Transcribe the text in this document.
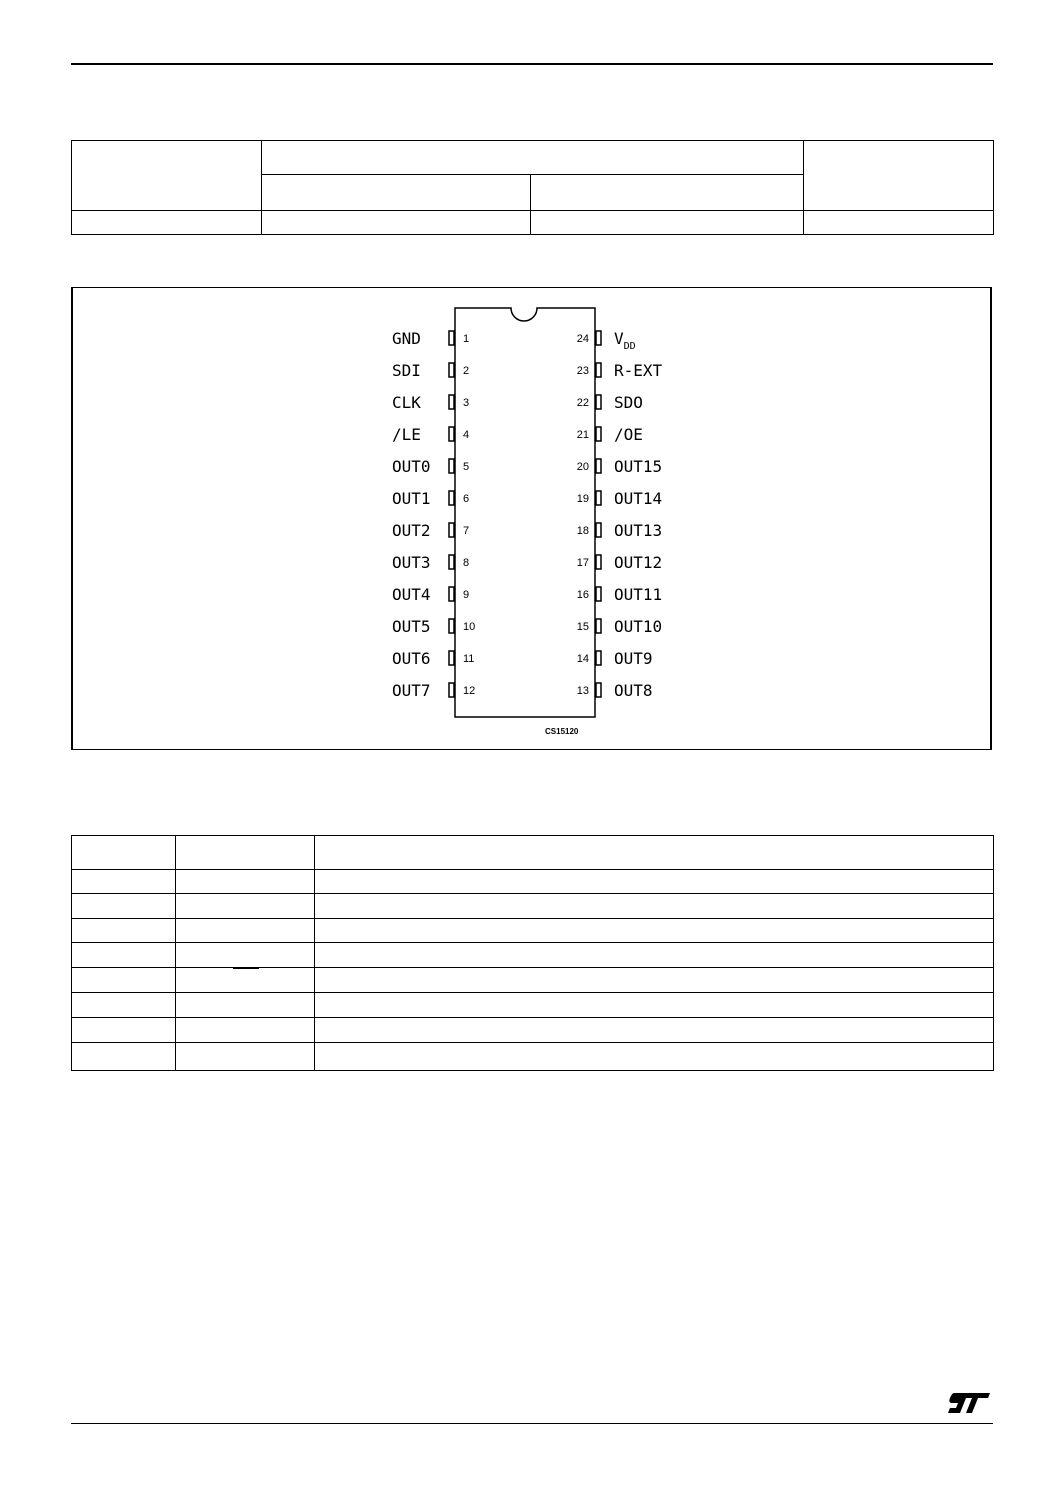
GND	1
SDI	2
CLK	3
/LE	4
OUT0	5
OUT1	6
OUT2	7
OUT3	8
OUT4	9
OUT5	10
OUT6	11
OUT7	12
24 $V_{DD}$
23 R-EXT
22 SDO
21 /OE
20 OUT15
19 OUT14
18 OUT13
17 OUT12
16 OUT11
15 OUT10
14 OUT9
13 OUT8
CS15120
